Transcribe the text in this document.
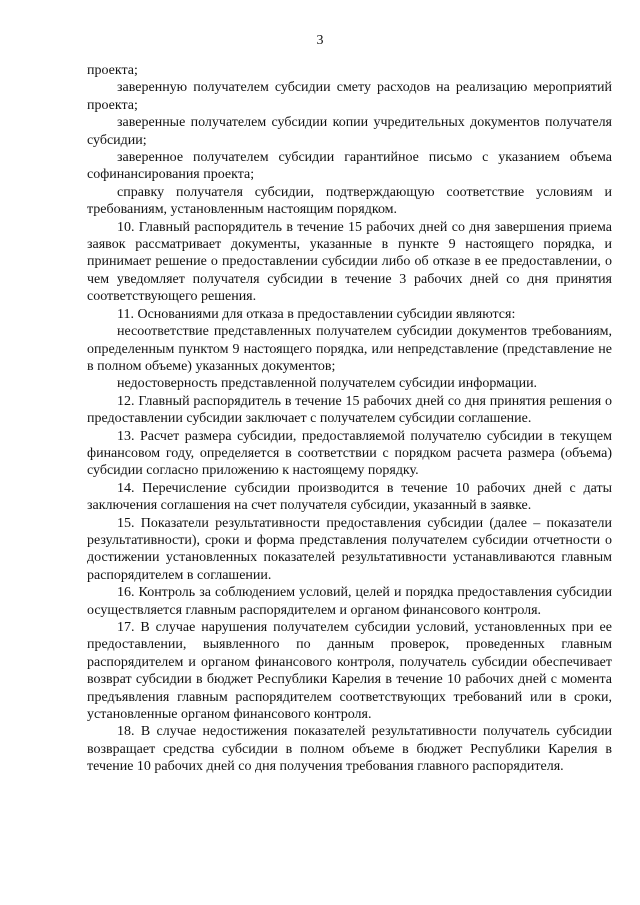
3

проекта;

заверенную получателем субсидии смету расходов на реализацию мероприятий проекта;

заверенные получателем субсидии копии учредительных документов получателя субсидии;

заверенное получателем субсидии гарантийное письмо с указанием объема софинансирования проекта;

справку получателя субсидии, подтверждающую соответствие условиям и требованиям, установленным настоящим порядком.

10. Главный распорядитель в течение 15 рабочих дней со дня завершения приема заявок рассматривает документы, указанные в пункте 9 настоящего порядка, и принимает решение о предоставлении субсидии либо об отказе в ее предоставлении, о чем уведомляет получателя субсидии в течение 3 рабочих дней со дня принятия соответствующего решения.

11. Основаниями для отказа в предоставлении субсидии являются:

несоответствие представленных получателем субсидии документов требованиям, определенным пунктом 9 настоящего порядка, или непредставление (представление не в полном объеме) указанных документов;

недостоверность представленной получателем субсидии информации.

12. Главный распорядитель в течение 15 рабочих дней со дня принятия решения о предоставлении субсидии заключает с получателем субсидии соглашение.

13. Расчет размера субсидии, предоставляемой получателю субсидии в текущем финансовом году, определяется в соответствии с порядком расчета размера (объема) субсидии согласно приложению к настоящему порядку.

14. Перечисление субсидии производится в течение 10 рабочих дней с даты заключения соглашения на счет получателя субсидии, указанный в заявке.

15. Показатели результативности предоставления субсидии (далее – показатели результативности), сроки и форма представления получателем субсидии отчетности о достижении установленных показателей результативности устанавливаются главным распорядителем в соглашении.

16. Контроль за соблюдением условий, целей и порядка предоставления субсидии осуществляется главным распорядителем и органом финансового контроля.

17. В случае нарушения получателем субсидии условий, установленных при ее предоставлении, выявленного по данным проверок, проведенных главным распорядителем и органом финансового контроля, получатель субсидии обеспечивает возврат субсидии в бюджет Республики Карелия в течение 10 рабочих дней с момента предъявления главным распорядителем соответствующих требований или в сроки, установленные органом финансового контроля.

18. В случае недостижения показателей результативности получатель субсидии возвращает средства субсидии в полном объеме в бюджет Республики Карелия в течение 10 рабочих дней со дня получения требования главного распорядителя.
